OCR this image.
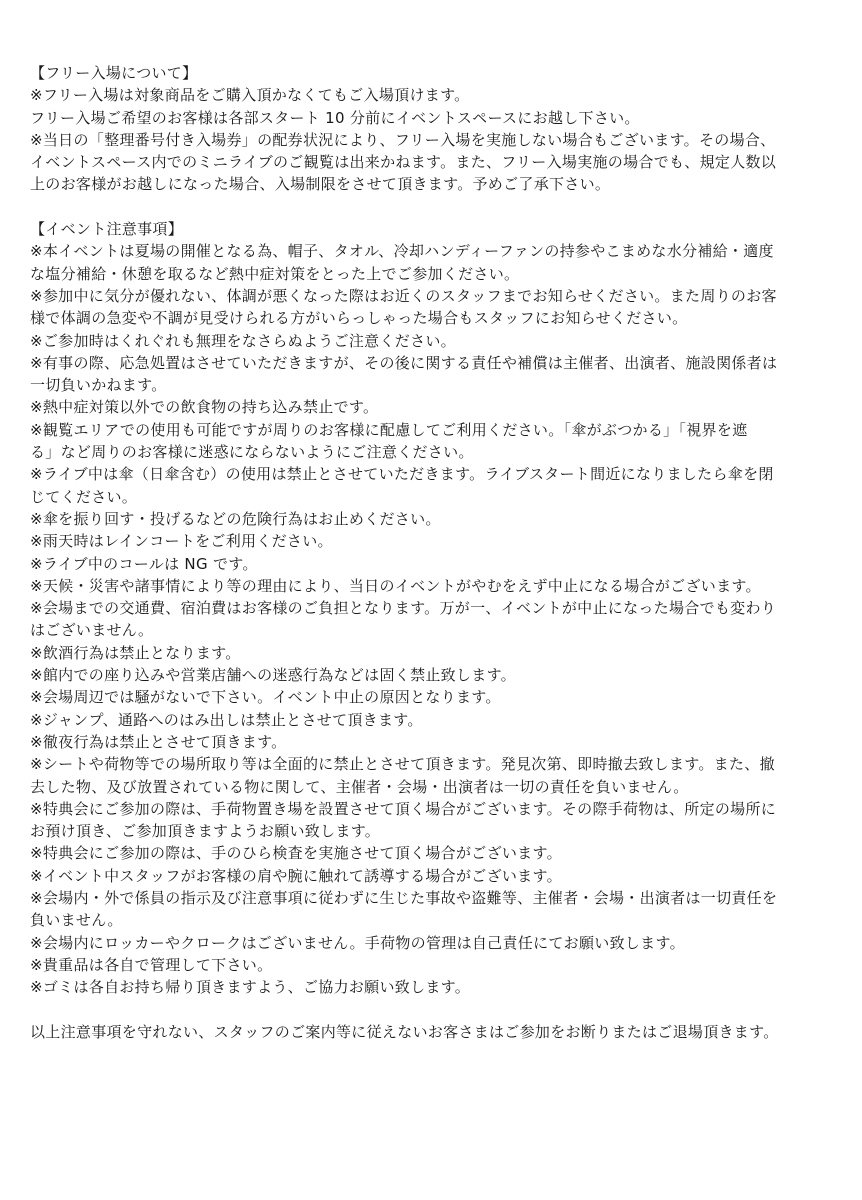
【フリー入場について】
※フリー入場は対象商品をご購入頂かなくてもご入場頂けます。
フリー入場ご希望のお客様は各部スタート 10 分前にイベントスペースにお越し下さい。
※当日の「整理番号付き入場券」の配券状況により、フリー入場を実施しない場合もございます。その場合、
イベントスペース内でのミニライブのご観覧は出来かねます。また、フリー入場実施の場合でも、規定人数以
上のお客様がお越しになった場合、入場制限をさせて頂きます。予めご了承下さい。
【イベント注意事項】
※本イベントは夏場の開催となる為、帽子、タオル、冷却ハンディーファンの持参やこまめな水分補給・適度
な塩分補給・休憩を取るなど熱中症対策をとった上でご参加ください。
※参加中に気分が優れない、体調が悪くなった際はお近くのスタッフまでお知らせください。また周りのお客
様で体調の急変や不調が見受けられる方がいらっしゃった場合もスタッフにお知らせください。
※ご参加時はくれぐれも無理をなさらぬようご注意ください。
※有事の際、応急処置はさせていただきますが、その後に関する責任や補償は主催者、出演者、施設関係者は
一切負いかねます。
※熱中症対策以外での飲食物の持ち込み禁止です。
※観覧エリアでの使用も可能ですが周りのお客様に配慮してご利用ください。「傘がぶつかる」「視界を遮
る」など周りのお客様に迷惑にならないようにご注意ください。
※ライブ中は傘（日傘含む）の使用は禁止とさせていただきます。ライブスタート間近になりましたら傘を閉
じてください。
※傘を振り回す・投げるなどの危険行為はお止めください。
※雨天時はレインコートをご利用ください。
※ライブ中のコールは NG です。
※天候・災害や諸事情により等の理由により、当日のイベントがやむをえず中止になる場合がございます。
※会場までの交通費、宿泊費はお客様のご負担となります。万が一、イベントが中止になった場合でも変わり
はございません。
※飲酒行為は禁止となります。
※館内での座り込みや営業店舗への迷惑行為などは固く禁止致します。
※会場周辺では騒がないで下さい。イベント中止の原因となります。
※ジャンプ、通路へのはみ出しは禁止とさせて頂きます。
※徹夜行為は禁止とさせて頂きます。
※シートや荷物等での場所取り等は全面的に禁止とさせて頂きます。発見次第、即時撤去致します。また、撤
去した物、及び放置されている物に関して、主催者・会場・出演者は一切の責任を負いません。
※特典会にご参加の際は、手荷物置き場を設置させて頂く場合がございます。その際手荷物は、所定の場所に
お預け頂き、ご参加頂きますようお願い致します。
※特典会にご参加の際は、手のひら検査を実施させて頂く場合がございます。
※イベント中スタッフがお客様の肩や腕に触れて誘導する場合がございます。
※会場内・外で係員の指示及び注意事項に従わずに生じた事故や盗難等、主催者・会場・出演者は一切責任を
負いません。
※会場内にロッカーやクロークはございません。手荷物の管理は自己責任にてお願い致します。
※貴重品は各自で管理して下さい。
※ゴミは各自お持ち帰り頂きますよう、ご協力お願い致します。
以上注意事項を守れない、スタッフのご案内等に従えないお客さまはご参加をお断りまたはご退場頂きます。
